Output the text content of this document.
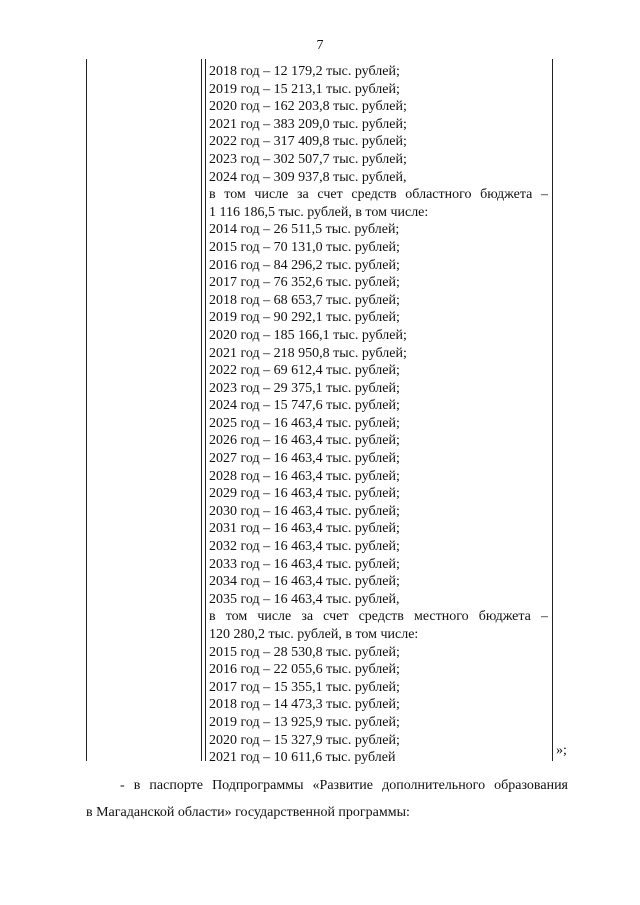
7
2018 год – 12 179,2 тыс. рублей;
2019 год – 15 213,1 тыс. рублей;
2020 год – 162 203,8 тыс. рублей;
2021 год – 383 209,0 тыс. рублей;
2022 год – 317 409,8 тыс. рублей;
2023 год – 302 507,7 тыс. рублей;
2024 год – 309 937,8 тыс. рублей,
в том числе за счет средств областного бюджета –
1 116 186,5 тыс. рублей, в том числе:
2014 год – 26 511,5 тыс. рублей;
2015 год – 70 131,0 тыс. рублей;
2016 год – 84 296,2 тыс. рублей;
2017 год – 76 352,6 тыс. рублей;
2018 год – 68 653,7 тыс. рублей;
2019 год – 90 292,1 тыс. рублей;
2020 год – 185 166,1 тыс. рублей;
2021 год – 218 950,8 тыс. рублей;
2022 год – 69 612,4 тыс. рублей;
2023 год – 29 375,1 тыс. рублей;
2024 год – 15 747,6 тыс. рублей;
2025 год – 16 463,4 тыс. рублей;
2026 год – 16 463,4 тыс. рублей;
2027 год – 16 463,4 тыс. рублей;
2028 год – 16 463,4 тыс. рублей;
2029 год – 16 463,4 тыс. рублей;
2030 год – 16 463,4 тыс. рублей;
2031 год – 16 463,4 тыс. рублей;
2032 год – 16 463,4 тыс. рублей;
2033 год – 16 463,4 тыс. рублей;
2034 год – 16 463,4 тыс. рублей;
2035 год – 16 463,4 тыс. рублей,
в том числе за счет средств местного бюджета –
120 280,2 тыс. рублей, в том числе:
2015 год – 28 530,8 тыс. рублей;
2016 год – 22 055,6 тыс. рублей;
2017 год – 15 355,1 тыс. рублей;
2018 год – 14 473,3 тыс. рублей;
2019 год – 13 925,9 тыс. рублей;
2020 год – 15 327,9 тыс. рублей;
2021 год – 10 611,6 тыс. рублей	»;
- в паспорте Подпрограммы «Развитие дополнительного образования
в Магаданской области» государственной программы:
